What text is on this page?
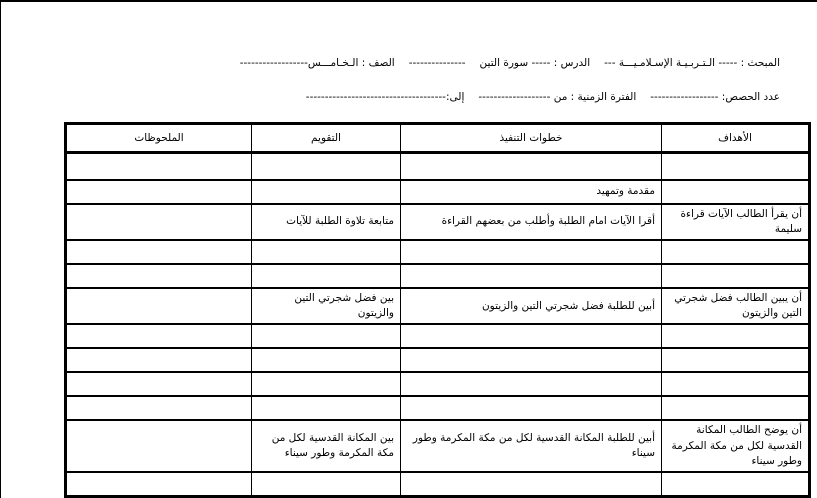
المبحث : ----- الـتـربـيـة الإسـلامـيـــة ---
الدرس : ----- سورة التين
---------------
الصف : الـخـامـــس------------------
عدد الحصص: ------------------
الفترة الزمنية : من -------------------
إلى:-------------------------------------
الأهداف	خطوات التنفيذ	التقويم	الملحوظات

	مقدمة وتمهيد		
أن يقرأ الطالب الآيات قراءة سليمة	أقرا الآيات امام الطلبة وأطلب من بعضهم القراءة	متابعة تلاوة الطلبة للآيات	

أن يبين الطالب فضل شجرتي التين والزيتون	أبين للطلبة فضل شجرتي التين والزيتون	بين فضل شجرتي التين والزيتون	

أن يوضح الطالب المكانة القدسية لكل من مكة المكرمة وطور سيناء	أبين للطلبة المكانة القدسية لكل من مكة المكرمة وطور سيناء	بين المكانة القدسية لكل من مكة المكرمة وطور سيناء	
